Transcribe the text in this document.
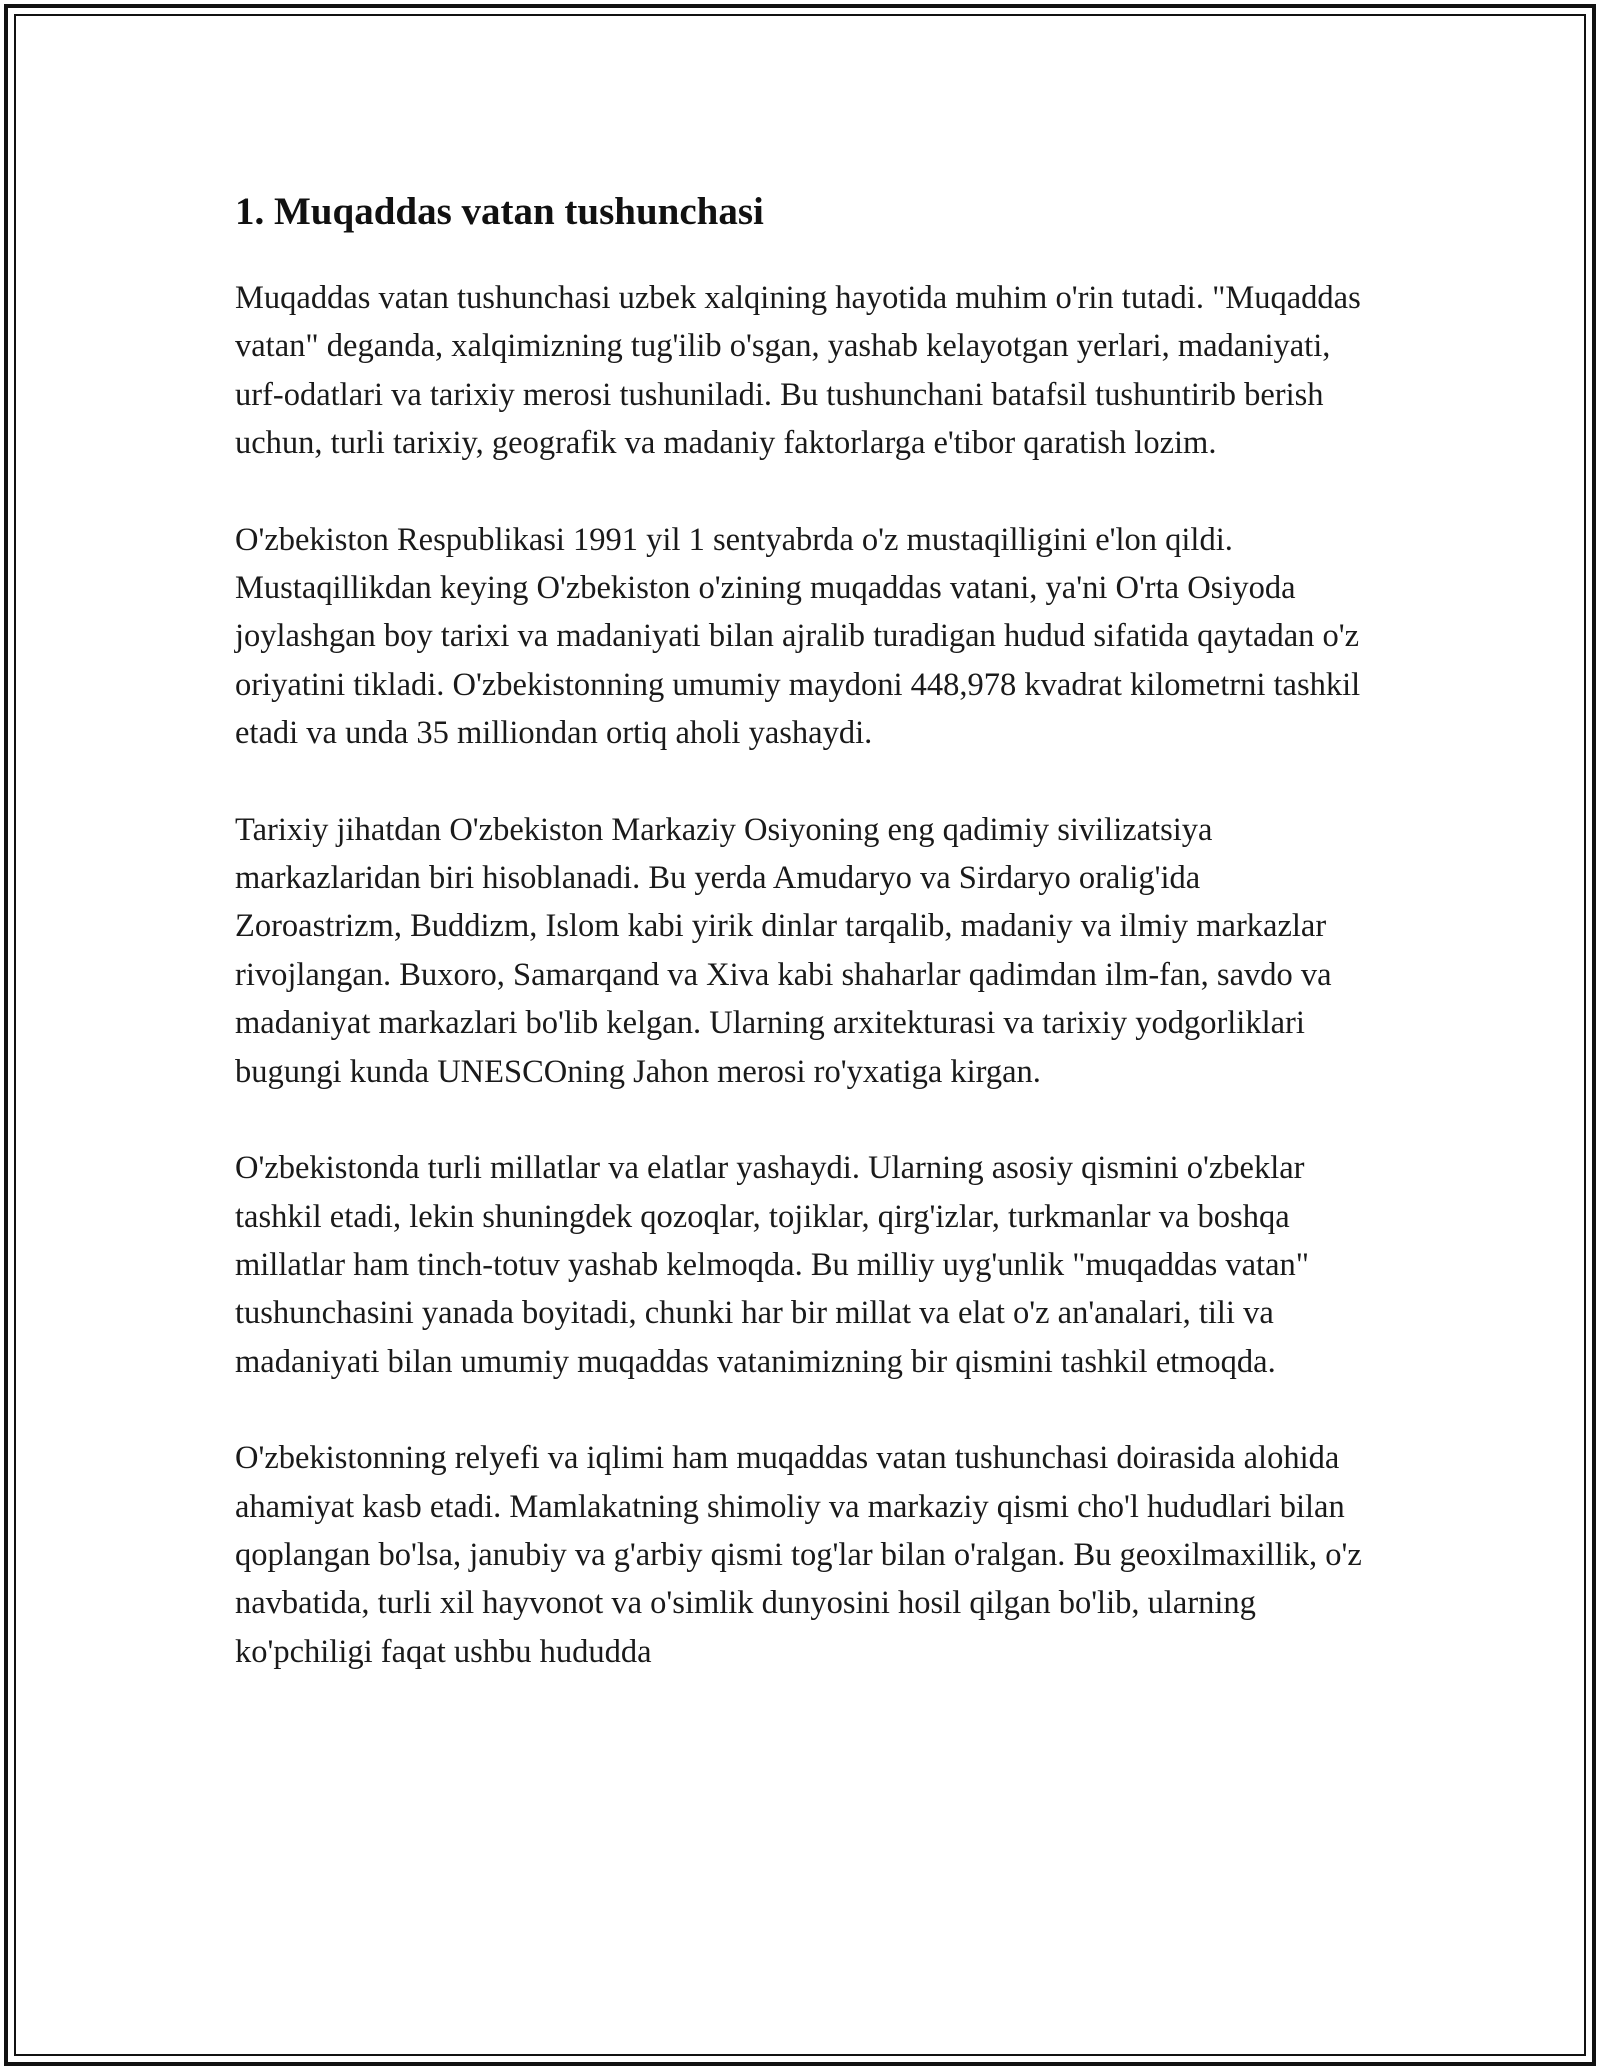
1. Muqaddas vatan tushunchasi

Muqaddas vatan tushunchasi uzbek xalqining hayotida muhim o'rin tutadi. "Muqaddas vatan" deganda, xalqimizning tug'ilib o'sgan, yashab kelayotgan yerlari, madaniyati, urf-odatlari va tarixiy merosi tushuniladi. Bu tushunchani batafsil tushuntirib berish uchun, turli tarixiy, geografik va madaniy faktorlarga e'tibor qaratish lozim.

O'zbekiston Respublikasi 1991 yil 1 sentyabrda o'z mustaqilligini e'lon qildi. Mustaqillikdan keying O'zbekiston o'zining muqaddas vatani, ya'ni O'rta Osiyoda joylashgan boy tarixi va madaniyati bilan ajralib turadigan hudud sifatida qaytadan o'z oriyatini tikladi. O'zbekistonning umumiy maydoni 448,978 kvadrat kilometrni tashkil etadi va unda 35 milliondan ortiq aholi yashaydi.

Tarixiy jihatdan O'zbekiston Markaziy Osiyoning eng qadimiy sivilizatsiya markazlaridan biri hisoblanadi. Bu yerda Amudaryo va Sirdaryo oralig'ida Zoroastrizm, Buddizm, Islom kabi yirik dinlar tarqalib, madaniy va ilmiy markazlar rivojlangan. Buxoro, Samarqand va Xiva kabi shaharlar qadimdan ilm-fan, savdo va madaniyat markazlari bo'lib kelgan. Ularning arxitekturasi va tarixiy yodgorliklari bugungi kunda UNESCOning Jahon merosi ro'yxatiga kirgan.

O'zbekistonda turli millatlar va elatlar yashaydi. Ularning asosiy qismini o'zbeklar tashkil etadi, lekin shuningdek qozoqlar, tojiklar, qirg'izlar, turkmanlar va boshqa millatlar ham tinch-totuv yashab kelmoqda. Bu milliy uyg'unlik "muqaddas vatan" tushunchasini yanada boyitadi, chunki har bir millat va elat o'z an'analari, tili va madaniyati bilan umumiy muqaddas vatanimizning bir qismini tashkil etmoqda.

O'zbekistonning relyefi va iqlimi ham muqaddas vatan tushunchasi doirasida alohida ahamiyat kasb etadi. Mamlakatning shimoliy va markaziy qismi cho'l hududlari bilan qoplangan bo'lsa, janubiy va g'arbiy qismi tog'lar bilan o'ralgan. Bu geoxilmaxillik, o'z navbatida, turli xil hayvonot va o'simlik dunyosini hosil qilgan bo'lib, ularning ko'pchiligi faqat ushbu hududda
